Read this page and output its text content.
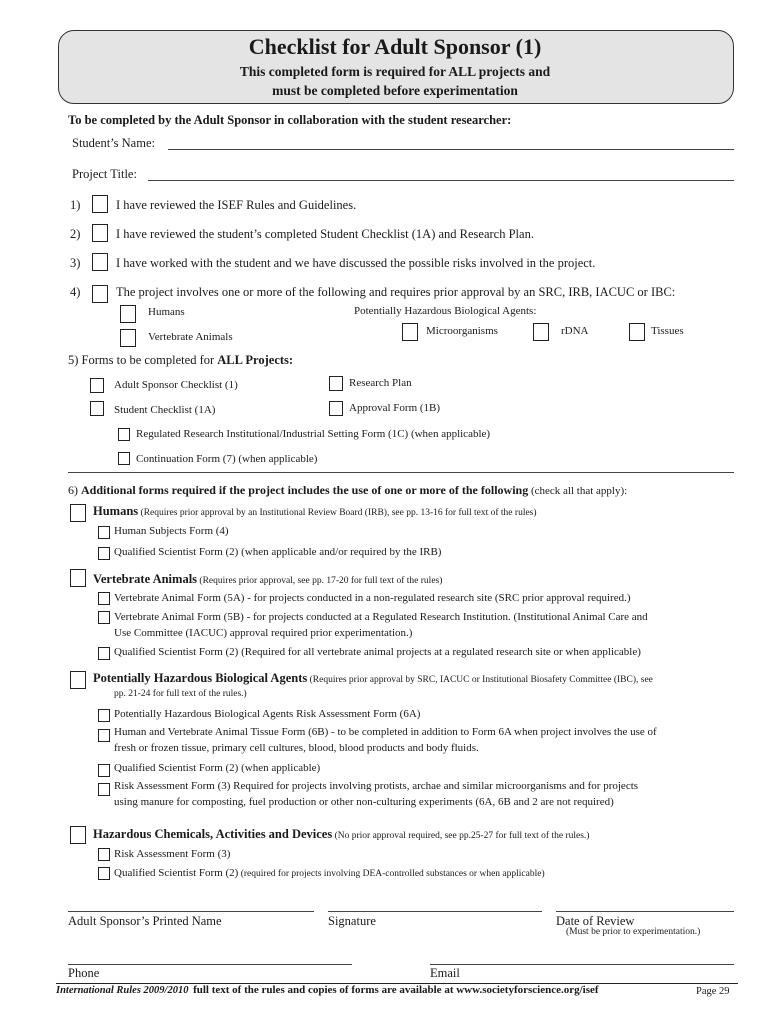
Checklist for Adult Sponsor (1)
This completed form is required for ALL projects and
must be completed before experimentation
To be completed by the Adult Sponsor in collaboration with the student researcher:
Student’s Name:
Project Title:
1)	I have reviewed the ISEF Rules and Guidelines.
2)	I have reviewed the student’s completed Student Checklist (1A) and Research Plan.
3)	I have worked with the student and we have discussed the possible risks involved in the project.
4)	The project involves one or more of the following and requires prior approval by an SRC, IRB, IACUC or IBC:
Humans	Potentially Hazardous Biological Agents:
Vertebrate Animals	Microorganisms	rDNA	Tissues
5) Forms to be completed for ALL Projects:
Adult Sponsor Checklist (1)	Research Plan
Student Checklist (1A)	Approval Form (1B)
Regulated Research Institutional/Industrial Setting Form (1C) (when applicable)
Continuation Form (7) (when applicable)
6) Additional forms required if the project includes the use of one or more of the following (check all that apply):
Humans (Requires prior approval by an Institutional Review Board (IRB), see pp. 13-16 for full text of the rules)
Human Subjects Form (4)
Qualified Scientist Form (2) (when applicable and/or required by the IRB)
Vertebrate Animals (Requires prior approval, see pp. 17-20 for full text of the rules)
Vertebrate Animal Form (5A) - for projects conducted in a non-regulated research site (SRC prior approval required.)
Vertebrate Animal Form (5B) - for projects conducted at a Regulated Research Institution. (Institutional Animal Care and
Use Committee (IACUC) approval required prior experimentation.)
Qualified Scientist Form (2) (Required for all vertebrate animal projects at a regulated research site or when applicable)
Potentially Hazardous Biological Agents (Requires prior approval by SRC, IACUC or Institutional Biosafety Committee (IBC), see
pp. 21-24 for full text of the rules.)
Potentially Hazardous Biological Agents Risk Assessment Form (6A)
Human and Vertebrate Animal Tissue Form (6B) - to be completed in addition to Form 6A when project involves the use of
fresh or frozen tissue, primary cell cultures, blood, blood products and body fluids.
Qualified Scientist Form (2) (when applicable)
Risk Assessment Form (3) Required for projects involving protists, archae and similar microorganisms and for projects
using manure for composting, fuel production or other non-culturing experiments (6A, 6B and 2 are not required)
Hazardous Chemicals, Activities and Devices (No prior approval required, see pp.25-27 for full text of the rules.)
Risk Assessment Form (3)
Qualified Scientist Form (2) (required for projects involving DEA-controlled substances or when applicable)
Adult Sponsor’s Printed Name	Signature	Date of Review
(Must be prior to experimentation.)
Phone	Email
International Rules 2009/2010 full text of the rules and copies of forms are available at www.societyforscience.org/isef	Page 29
